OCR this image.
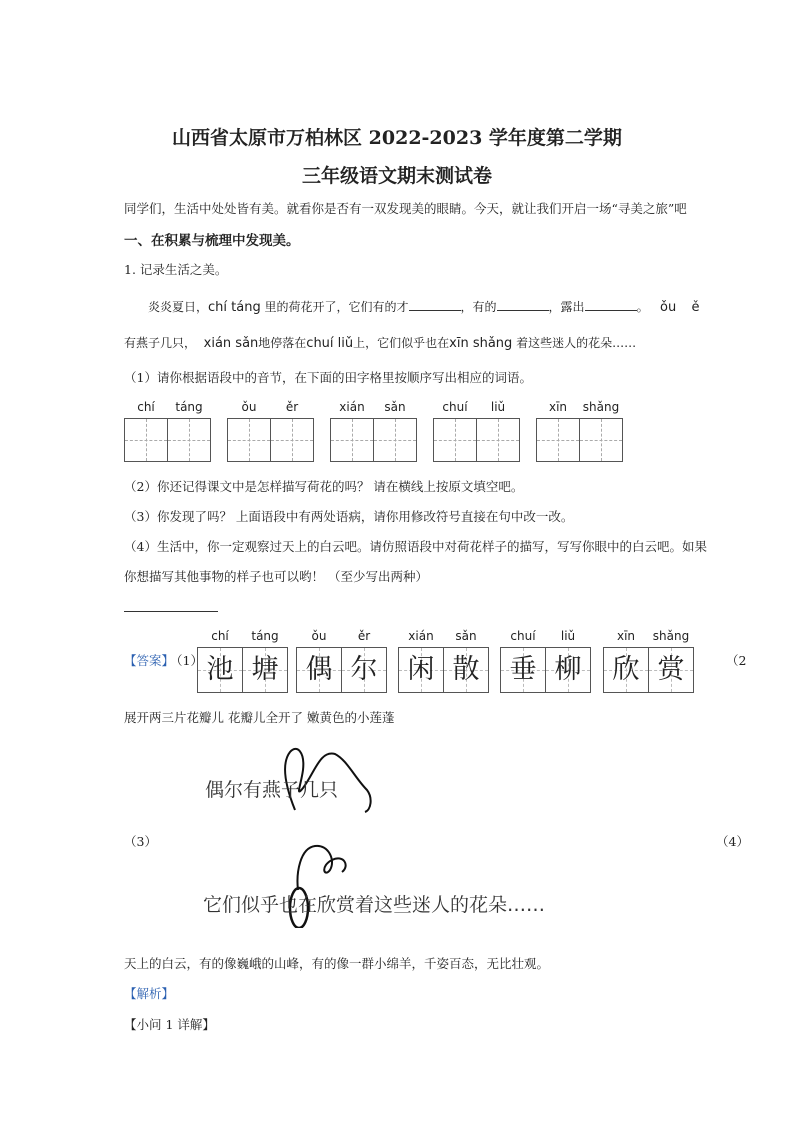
山西省太原市万柏林区 2022-2023 学年度第二学期
三年级语文期末测试卷
同学们，生活中处处皆有美。就看你是否有一双发现美的眼睛。今天，就让我们开启一场“寻美之旅”吧
一、在积累与梳理中发现美。
1. 记录生活之美。
炎炎夏日，chí táng 里的荷花开了，它们有的才	，有的	，露出	。 ǒu ě
有燕子几只， xián sǎn地停落在chuí liǔ上，它们似乎也在xīn shǎng 着这些迷人的花朵……
（1）请你根据语段中的音节，在下面的田字格里按顺序写出相应的词语。
chí	táng	ǒu	ěr	xián	sǎn	chuí	liǔ	xīn	shǎng
（2）你还记得课文中是怎样描写荷花的吗？ 请在横线上按原文填空吧。
（3）你发现了吗？ 上面语段中有两处语病，请你用修改符号直接在句中改一改。
（4）生活中，你一定观察过天上的白云吧。请仿照语段中对荷花样子的描写，写写你眼中的白云吧。如果
你想描写其他事物的样子也可以哟！ （至少写出两种）
【答案】
（1）
chí	táng	ǒu	ěr	xián	sǎn	chuí	liǔ	xīn	shǎng
池 塘	偶 尔	闲 散	垂 柳	欣 赏	（2
展开两三片花瓣儿 花瓣儿全开了 嫩黄色的小莲蓬
偶尔有燕子几只
（3）	（4）
它们似乎也在欣赏着这些迷人的花朵……
天上的白云，有的像巍峨的山峰，有的像一群小绵羊，千姿百态，无比壮观。
【解析】
【小问 1 详解】
